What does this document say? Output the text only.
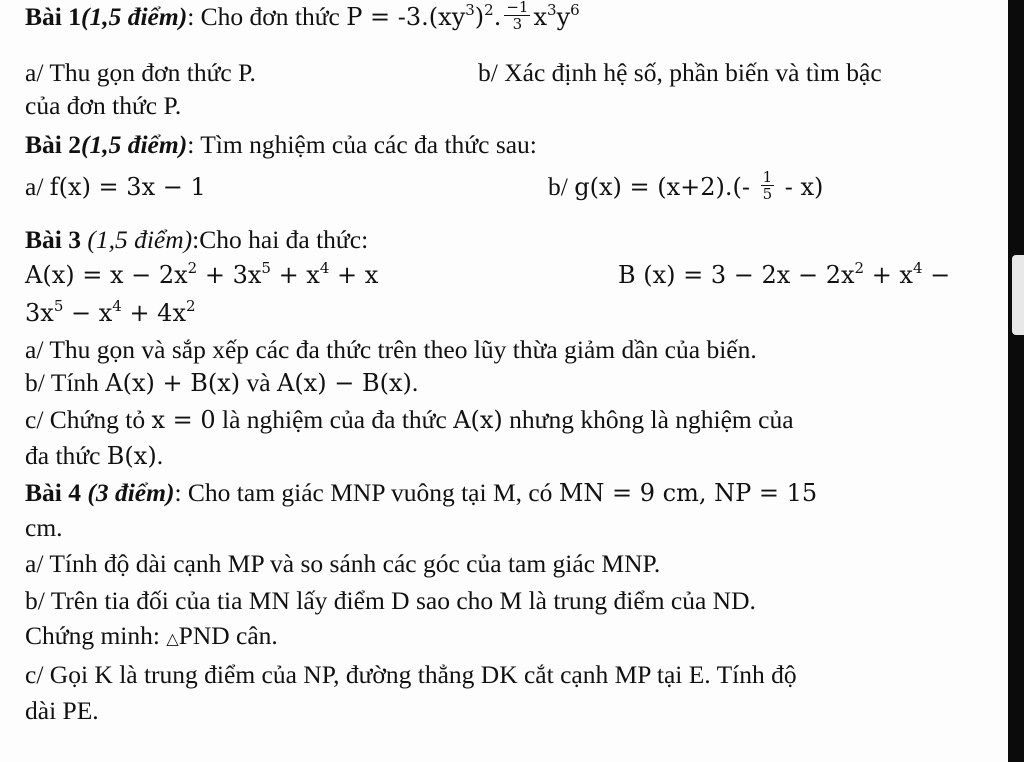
Bài 1(1,5 điểm): Cho đơn thức $P = -3.(xy^3)^2$. $\frac{-1}{3} x^3y^6$
a/ Thu gọn đơn thức P.	b/ Xác định hệ số, phần biến và tìm bậc
của đơn thức P.
Bài 2(1,5 điểm): Tìm nghiệm của các đa thức sau:
a/ f(x) = 3x − 1	b/ $g(x) = (x+2).(- \frac{1}{5} - x)$
Bài 3 (1,5 điểm):Cho hai đa thức:
$A(x) = x - 2x^2 + 3x^5 + x^4 + x$	B $(x) = 3 - 2x - 2x^2 + x^4$ −
$3x^5 - x^4 + 4x^2$
a/ Thu gọn và sắp xếp các đa thức trên theo lũy thừa giảm dần của biến.
b/ Tính A(x) + B(x) và A(x) − B(x).
c/ Chứng tỏ x = 0 là nghiệm của đa thức A(x) nhưng không là nghiệm của
đa thức B(x).
Bài 4 (3 điểm): Cho tam giác MNP vuông tại M, có MN = 9 cm, NP = 15
cm.
a/ Tính độ dài cạnh MP và so sánh các góc của tam giác MNP.
b/ Trên tia đối của tia MN lấy điểm D sao cho M là trung điểm của ND.
Chứng minh: △PND cân.
c/ Gọi K là trung điểm của NP, đường thẳng DK cắt cạnh MP tại E. Tính độ
dài PE.
